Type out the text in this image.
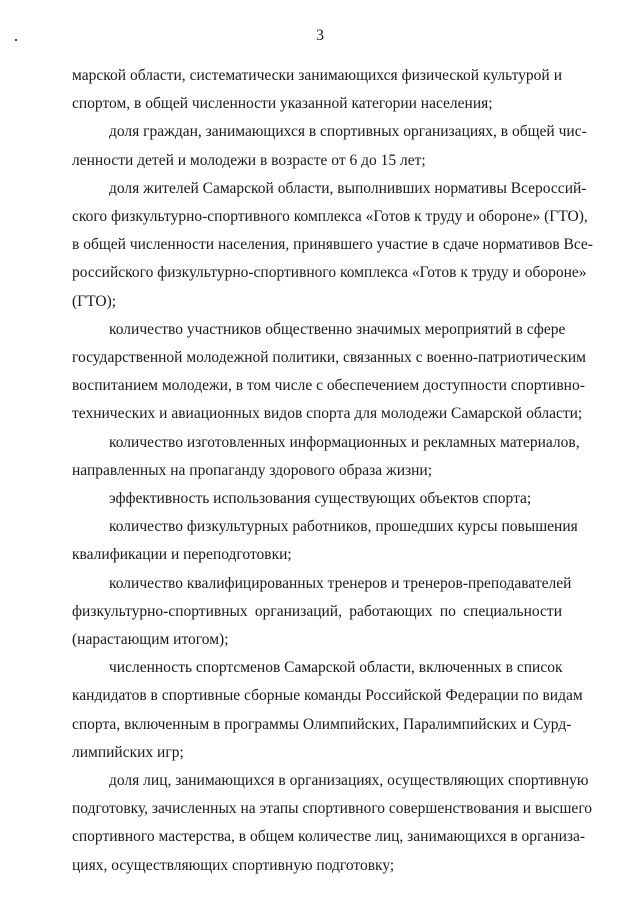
3

марской области, систематически занимающихся физической культурой и
спортом, в общей численности указанной категории населения;

доля граждан, занимающихся в спортивных организациях, в общей чис-
ленности детей и молодежи в возрасте от 6 до 15 лет;

доля жителей Самарской области, выполнивших нормативы Всероссий-
ского физкультурно-спортивного комплекса «Готов к труду и обороне» (ГТО),
в общей численности населения, принявшего участие в сдаче нормативов Все-
российского физкультурно-спортивного комплекса «Готов к труду и обороне»
(ГТО);

количество участников общественно значимых мероприятий в сфере
государственной молодежной политики, связанных с военно-патриотическим
воспитанием молодежи, в том числе с обеспечением доступности спортивно-
технических и авиационных видов спорта для молодежи Самарской области;

количество изготовленных информационных и рекламных материалов,
направленных на пропаганду здорового образа жизни;

эффективность использования существующих объектов спорта;

количество физкультурных работников, прошедших курсы повышения
квалификации и переподготовки;

количество квалифицированных тренеров и тренеров-преподавателей
физкультурно-спортивных организаций, работающих по специальности
(нарастающим итогом);

численность спортсменов Самарской области, включенных в список
кандидатов в спортивные сборные команды Российской Федерации по видам
спорта, включенным в программы Олимпийских, Паралимпийских и Сурд-
лимпийских игр;

доля лиц, занимающихся в организациях, осуществляющих спортивную
подготовку, зачисленных на этапы спортивного совершенствования и высшего
спортивного мастерства, в общем количестве лиц, занимающихся в организа-
циях, осуществляющих спортивную подготовку;
